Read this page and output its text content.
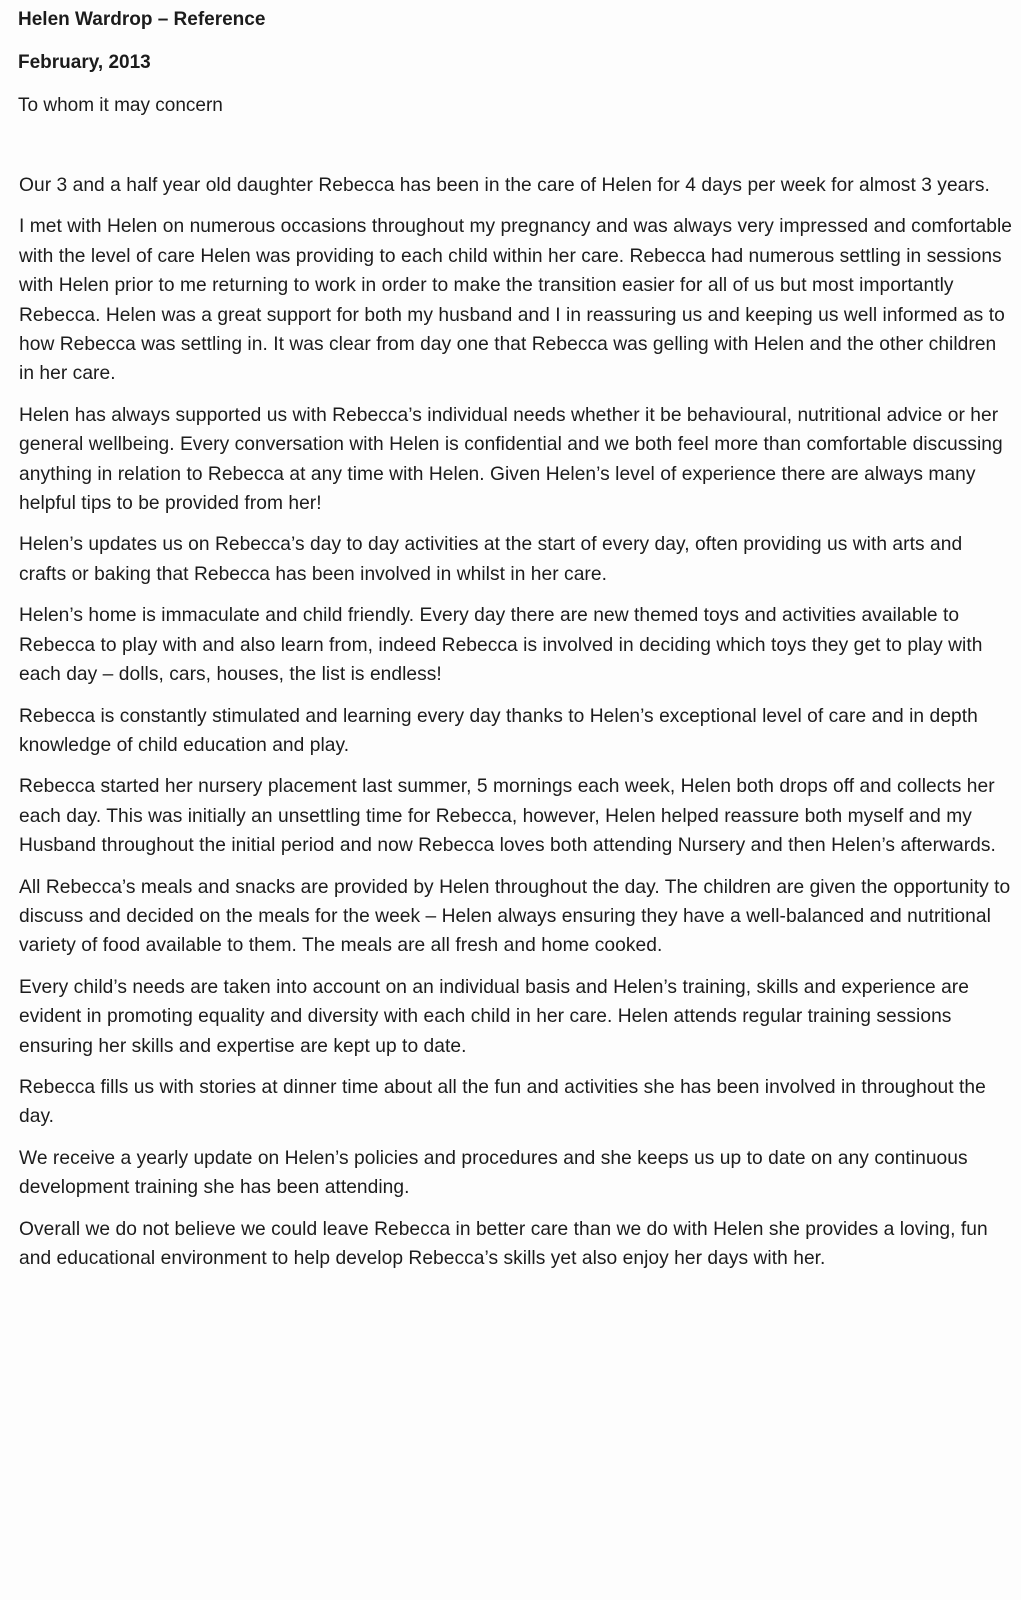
Helen Wardrop – Reference
February, 2013
To whom it may concern

Our 3 and a half year old daughter Rebecca has been in the care of Helen for 4 days per week for almost 3 years.

I met with Helen on numerous occasions throughout my pregnancy and was always very impressed and comfortable with the level of care Helen was providing to each child within her care. Rebecca had numerous settling in sessions with Helen prior to me returning to work in order to make the transition easier for all of us but most importantly Rebecca. Helen was a great support for both my husband and I in reassuring us and keeping us well informed as to how Rebecca was settling in. It was clear from day one that Rebecca was gelling with Helen and the other children in her care.

Helen has always supported us with Rebecca’s individual needs whether it be behavioural, nutritional advice or her general wellbeing. Every conversation with Helen is confidential and we both feel more than comfortable discussing anything in relation to Rebecca at any time with Helen. Given Helen’s level of experience there are always many helpful tips to be provided from her!

Helen’s updates us on Rebecca’s day to day activities at the start of every day, often providing us with arts and crafts or baking that Rebecca has been involved in whilst in her care.

Helen’s home is immaculate and child friendly. Every day there are new themed toys and activities available to Rebecca to play with and also learn from, indeed Rebecca is involved in deciding which toys they get to play with each day – dolls, cars, houses, the list is endless!

Rebecca is constantly stimulated and learning every day thanks to Helen’s exceptional level of care and in depth knowledge of child education and play.

Rebecca started her nursery placement last summer, 5 mornings each week, Helen both drops off and collects her each day. This was initially an unsettling time for Rebecca, however, Helen helped reassure both myself and my Husband throughout the initial period and now Rebecca loves both attending Nursery and then Helen’s afterwards.

All Rebecca’s meals and snacks are provided by Helen throughout the day. The children are given the opportunity to discuss and decided on the meals for the week – Helen always ensuring they have a well-balanced and nutritional variety of food available to them. The meals are all fresh and home cooked.

Every child’s needs are taken into account on an individual basis and Helen’s training, skills and experience are evident in promoting equality and diversity with each child in her care. Helen attends regular training sessions ensuring her skills and expertise are kept up to date.

Rebecca fills us with stories at dinner time about all the fun and activities she has been involved in throughout the day.

We receive a yearly update on Helen’s policies and procedures and she keeps us up to date on any continuous development training she has been attending.

Overall we do not believe we could leave Rebecca in better care than we do with Helen she provides a loving, fun and educational environment to help develop Rebecca’s skills yet also enjoy her days with her.
